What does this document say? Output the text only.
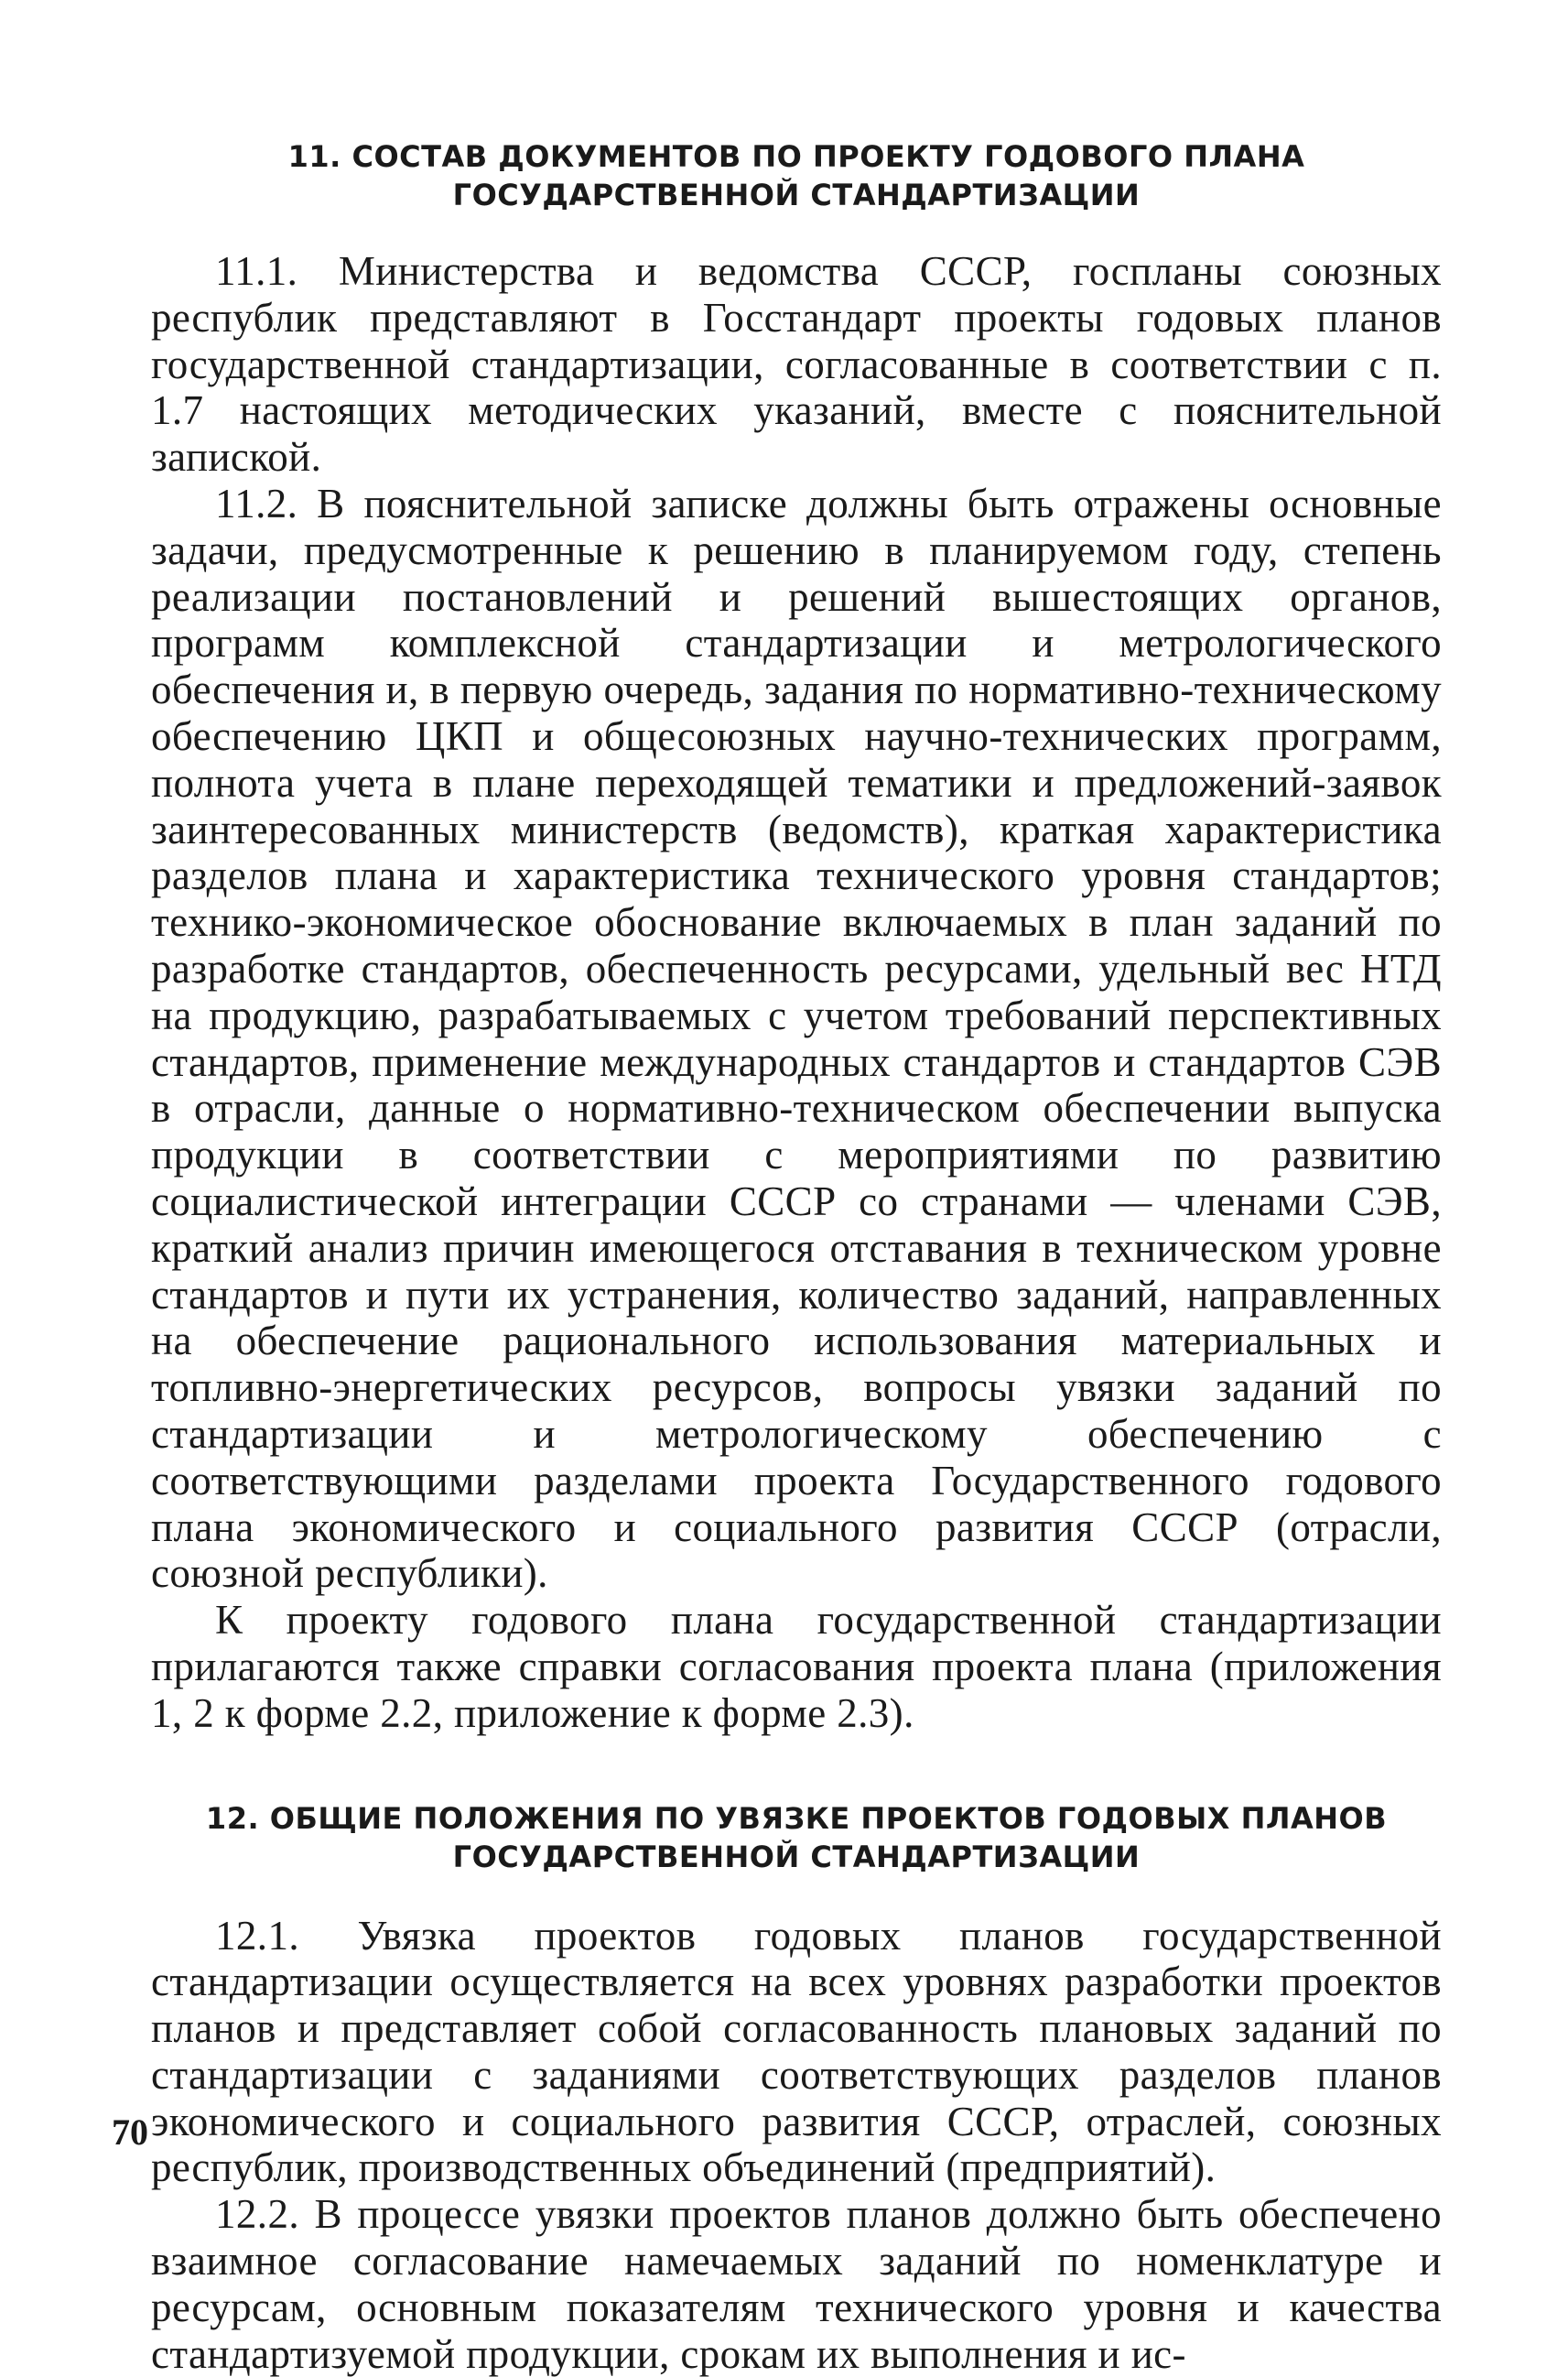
11. СОСТАВ ДОКУМЕНТОВ ПО ПРОЕКТУ ГОДОВОГО ПЛАНА
ГОСУДАРСТВЕННОЙ СТАНДАРТИЗАЦИИ

11.1. Министерства и ведомства СССР, госпланы союзных республик представляют в Госстандарт проекты годовых планов государственной стандартизации, согласованные в соответствии с п. 1.7 настоящих методических указаний, вместе с пояснительной запиской.

11.2. В пояснительной записке должны быть отражены основные задачи, предусмотренные к решению в планируемом году, степень реализации постановлений и решений вышестоящих органов, программ комплексной стандартизации и метрологического обеспечения и, в первую очередь, задания по нормативно-техническому обеспечению ЦКП и общесоюзных научно-технических программ, полнота учета в плане переходящей тематики и предложений-заявок заинтересованных министерств (ведомств), краткая характеристика разделов плана и характеристика технического уровня стандартов; технико-экономическое обоснование включаемых в план заданий по разработке стандартов, обеспеченность ресурсами, удельный вес НТД на продукцию, разрабатываемых с учетом требований перспективных стандартов, применение международных стандартов и стандартов СЭВ в отрасли, данные о нормативно-техническом обеспечении выпуска продукции в соответствии с мероприятиями по развитию социалистической интеграции СССР со странами — членами СЭВ, краткий анализ причин имеющегося отставания в техническом уровне стандартов и пути их устранения, количество заданий, направленных на обеспечение рационального использования материальных и топливно-энергетических ресурсов, вопросы увязки заданий по стандартизации и метрологическому обеспечению с соответствующими разделами проекта Государственного годового плана экономического и социального развития СССР (отрасли, союзной республики).

К проекту годового плана государственной стандартизации прилагаются также справки согласования проекта плана (приложения 1, 2 к форме 2.2, приложение к форме 2.3).

12. ОБЩИЕ ПОЛОЖЕНИЯ ПО УВЯЗКЕ ПРОЕКТОВ ГОДОВЫХ ПЛАНОВ
ГОСУДАРСТВЕННОЙ СТАНДАРТИЗАЦИИ

12.1. Увязка проектов годовых планов государственной стандартизации осуществляется на всех уровнях разработки проектов планов и представляет собой согласованность плановых заданий по стандартизации с заданиями соответствующих разделов планов экономического и социального развития СССР, отраслей, союзных республик, производственных объединений (предприятий).

12.2. В процессе увязки проектов планов должно быть обеспечено взаимное согласование намечаемых заданий по номенклатуре и ресурсам, основным показателям технического уровня и качества стандартизуемой продукции, срокам их выполнения и ис-

70
